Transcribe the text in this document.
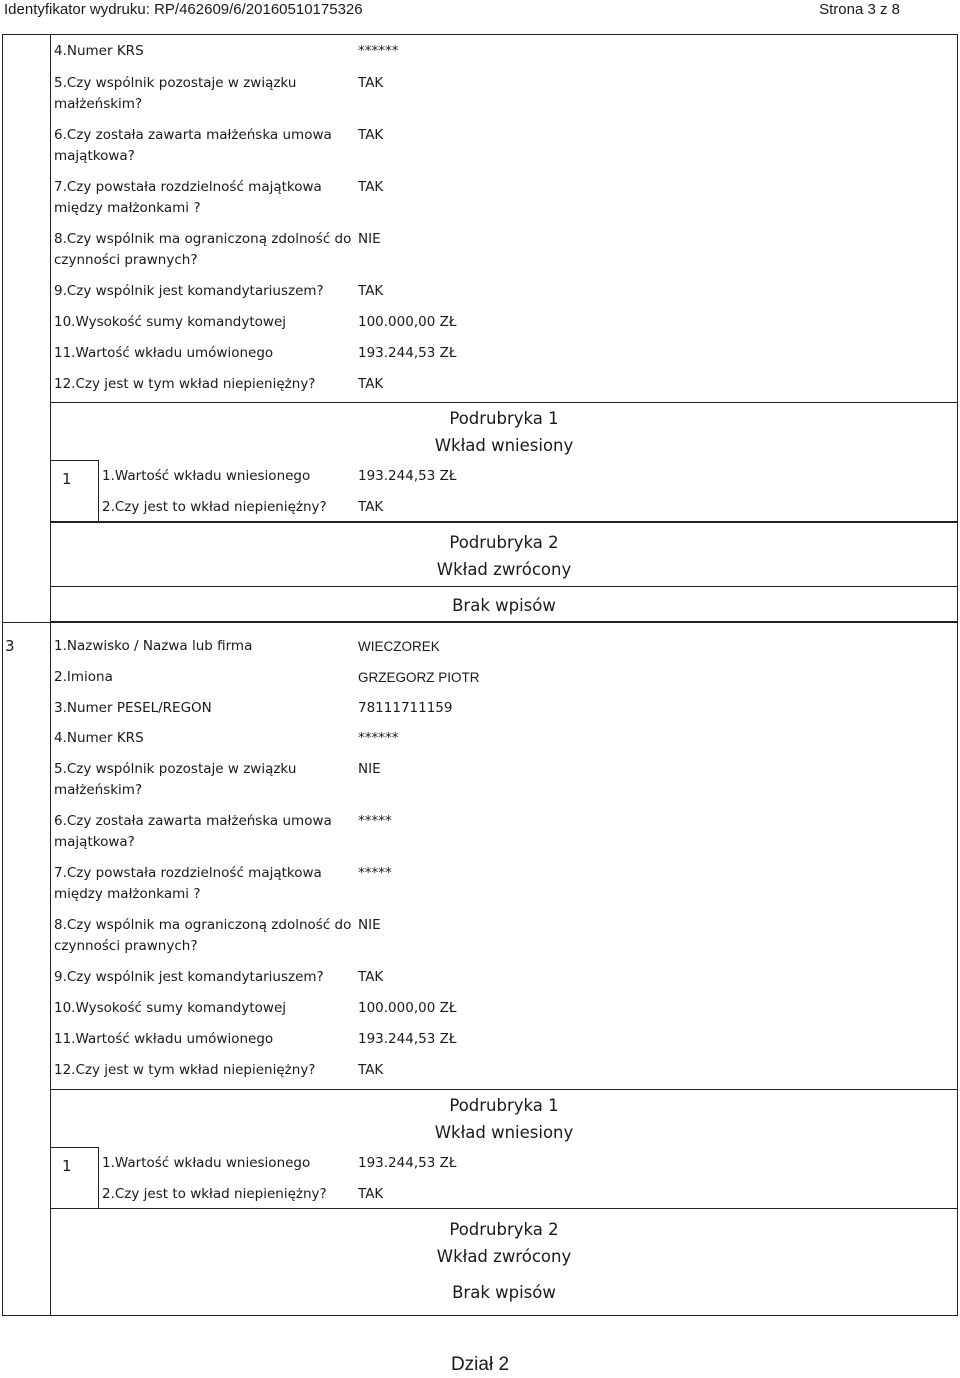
Identyfikator wydruku: RP/462609/6/20160510175326	Strona 3 z 8
4.Numer KRS	******
5.Czy wspólnik pozostaje w związku
małżeńskim?
TAK
6.Czy została zawarta małżeńska umowa
majątkowa?
TAK
7.Czy powstała rozdzielność majątkowa
między małżonkami ?
TAK
8.Czy wspólnik ma ograniczoną zdolność do
czynności prawnych?
NIE
9.Czy wspólnik jest komandytariuszem?	TAK
10.Wysokość sumy komandytowej	100.000,00 ZŁ
11.Wartość wkładu umówionego	193.244,53 ZŁ
12.Czy jest w tym wkład niepieniężny?	TAK
Podrubryka 1
Wkład wniesiony
1 1.Wartość wkładu wniesionego	193.244,53 ZŁ
2.Czy jest to wkład niepieniężny? TAK
Podrubryka 2
Wkład zwrócony
Brak wpisów
3	1.Nazwisko / Nazwa lub firma	WIECZOREK
2.Imiona	GRZEGORZ PIOTR
3.Numer PESEL/REGON	78111711159
4.Numer KRS	******
5.Czy wspólnik pozostaje w związku
małżeńskim?
NIE
6.Czy została zawarta małżeńska umowa
majątkowa?
*****
7.Czy powstała rozdzielność majątkowa
między małżonkami ?
*****
8.Czy wspólnik ma ograniczoną zdolność do
czynności prawnych?
NIE
9.Czy wspólnik jest komandytariuszem?	TAK
10.Wysokość sumy komandytowej	100.000,00 ZŁ
11.Wartość wkładu umówionego	193.244,53 ZŁ
12.Czy jest w tym wkład niepieniężny?	TAK
Podrubryka 1
Wkład wniesiony
1 1.Wartość wkładu wniesionego	193.244,53 ZŁ
2.Czy jest to wkład niepieniężny? TAK
Podrubryka 2
Wkład zwrócony
Brak wpisów
Dział 2
